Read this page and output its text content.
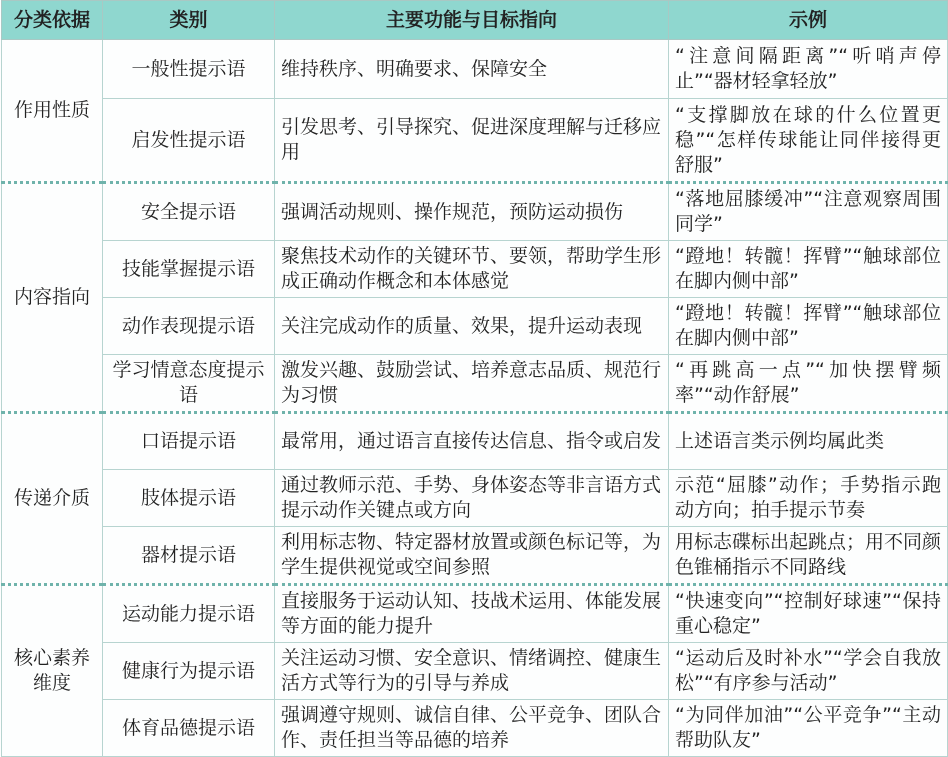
分类依据	类别	主要功能与目标指向	示例
作用性质	一般性提示语	维持秩序、明确要求、保障安全	“注意间隔距离”“听哨声停止”“器材轻拿轻放”
	启发性提示语	引发思考、引导探究、促进深度理解与迁移应用	“支撑脚放在球的什么位置更稳”“怎样传球能让同伴接得更舒服”
内容指向	安全提示语	强调活动规则、操作规范，预防运动损伤	“落地屈膝缓冲”“注意观察周围同学”
	技能掌握提示语	聚焦技术动作的关键环节、要领，帮助学生形成正确动作概念和本体感觉	“蹬地！转髋！挥臂”“触球部位在脚内侧中部”
	动作表现提示语	关注完成动作的质量、效果，提升运动表现	“蹬地！转髋！挥臂”“触球部位在脚内侧中部”
	学习情意态度提示语	激发兴趣、鼓励尝试、培养意志品质、规范行为习惯	“再跳高一点”“加快摆臂频率”“动作舒展”
传递介质	口语提示语	最常用，通过语言直接传达信息、指令或启发	上述语言类示例均属此类
	肢体提示语	通过教师示范、手势、身体姿态等非言语方式提示动作关键点或方向	示范“屈膝”动作；手势指示跑动方向；拍手提示节奏
	器材提示语	利用标志物、特定器材放置或颜色标记等，为学生提供视觉或空间参照	用标志碟标出起跳点；用不同颜色锥桶指示不同路线
核心素养维度	运动能力提示语	直接服务于运动认知、技战术运用、体能发展等方面的能力提升	“快速变向”“控制好球速”“保持重心稳定”
	健康行为提示语	关注运动习惯、安全意识、情绪调控、健康生活方式等行为的引导与养成	“运动后及时补水”“学会自我放松”“有序参与活动”
	体育品德提示语	强调遵守规则、诚信自律、公平竞争、团队合作、责任担当等品德的培养	“为同伴加油”“公平竞争”“主动帮助队友”
